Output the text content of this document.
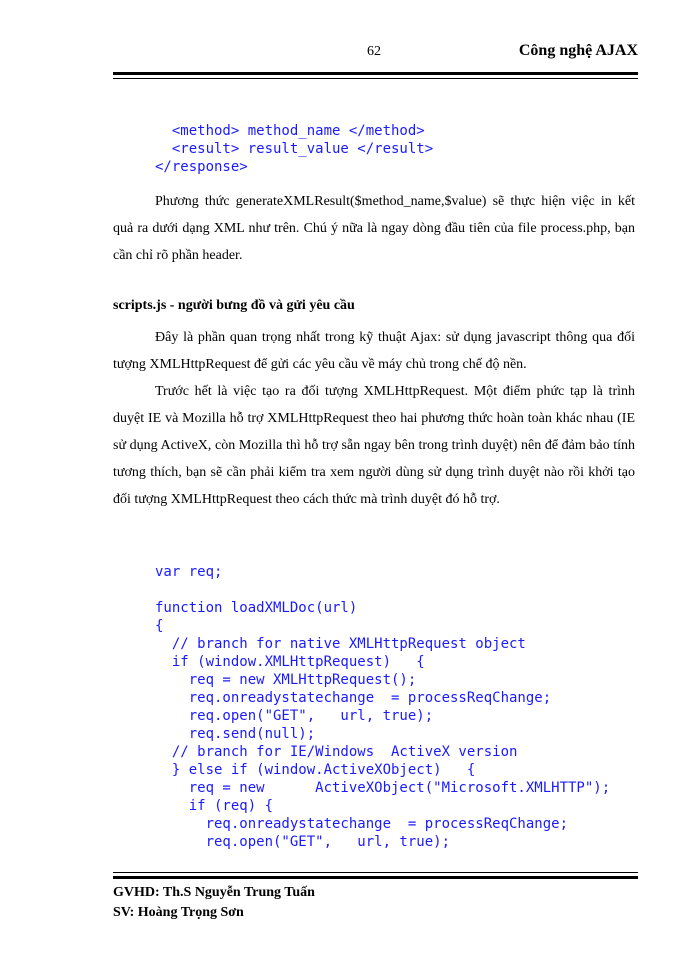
62	Công nghệ AJAX
<method> method_name </method>
<result> result_value </result>
</response>

Phương thức generateXMLResult($method_name,$value) sẽ thực hiện việc in kết quả ra dưới dạng XML như trên. Chú ý nữa là ngay dòng đầu tiên của file process.php, bạn cần chỉ rõ phần header.

scripts.js - người bưng đồ và gửi yêu cầu

Đây là phần quan trọng nhất trong kỹ thuật Ajax: sử dụng javascript thông qua đối tượng XMLHttpRequest để gửi các yêu cầu về máy chủ trong chế độ nền.

Trước hết là việc tạo ra đối tượng XMLHttpRequest. Một điểm phức tạp là trình duyệt IE và Mozilla hỗ trợ XMLHttpRequest theo hai phương thức hoàn toàn khác nhau (IE sử dụng ActiveX, còn Mozilla thì hỗ trợ sẵn ngay bên trong trình duyệt) nên để đảm bảo tính tương thích, bạn sẽ cần phải kiểm tra xem người dùng sử dụng trình duyệt nào rồi khởi tạo đối tượng XMLHttpRequest theo cách thức mà trình duyệt đó hỗ trợ.

var req;

function loadXMLDoc(url)
{
// branch for native XMLHttpRequest object
if (window.XMLHttpRequest)   {
req = new XMLHttpRequest();
req.onreadystatechange  = processReqChange;
req.open("GET",   url, true);
req.send(null);
// branch for IE/Windows  ActiveX version
} else if (window.ActiveXObject)   {
req = new      ActiveXObject("Microsoft.XMLHTTP");
if (req) {
req.onreadystatechange  = processReqChange;
req.open("GET",   url, true);
GVHD: Th.S Nguyễn Trung Tuấn
SV: Hoàng Trọng Sơn
